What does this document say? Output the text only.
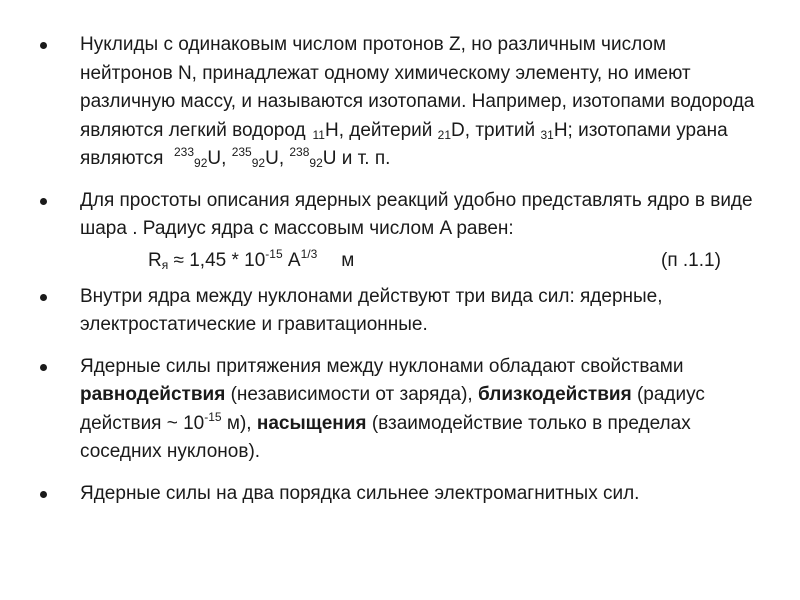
Нуклиды с одинаковым числом протонов Z, но различным числом нейтронов N, принадлежат одному химическому элементу, но имеют различную массу, и называются изотопами. Например, изотопами водорода являются легкий водород   $_{11}$H, дейтерий $_{21}$D, тритий $_{31}$H; изотопами урана являются $^{233}_{92}$U, $^{235}_{92}$U, $^{238}_{92}$U и т. п.
Для простоты описания ядерных реакций удобно представлять ядро в виде шара . Радиус ядра с массовым числом A равен:
$R_я \approx 1,45 * 10^{-15}$ $A^{1/3}$ м	(п .1.1)
Внутри ядра между нуклонами действуют три вида сил: ядерные, электростатические и гравитационные.
Ядерные силы притяжения между нуклонами обладают свойствами равнодействия (независимости от заряда), близкодействия (радиус действия ~ $10^{-15}$ м), насыщения (взаимодействие только в пределах соседних нуклонов).
Ядерные силы на два порядка сильнее электромагнитных сил.
